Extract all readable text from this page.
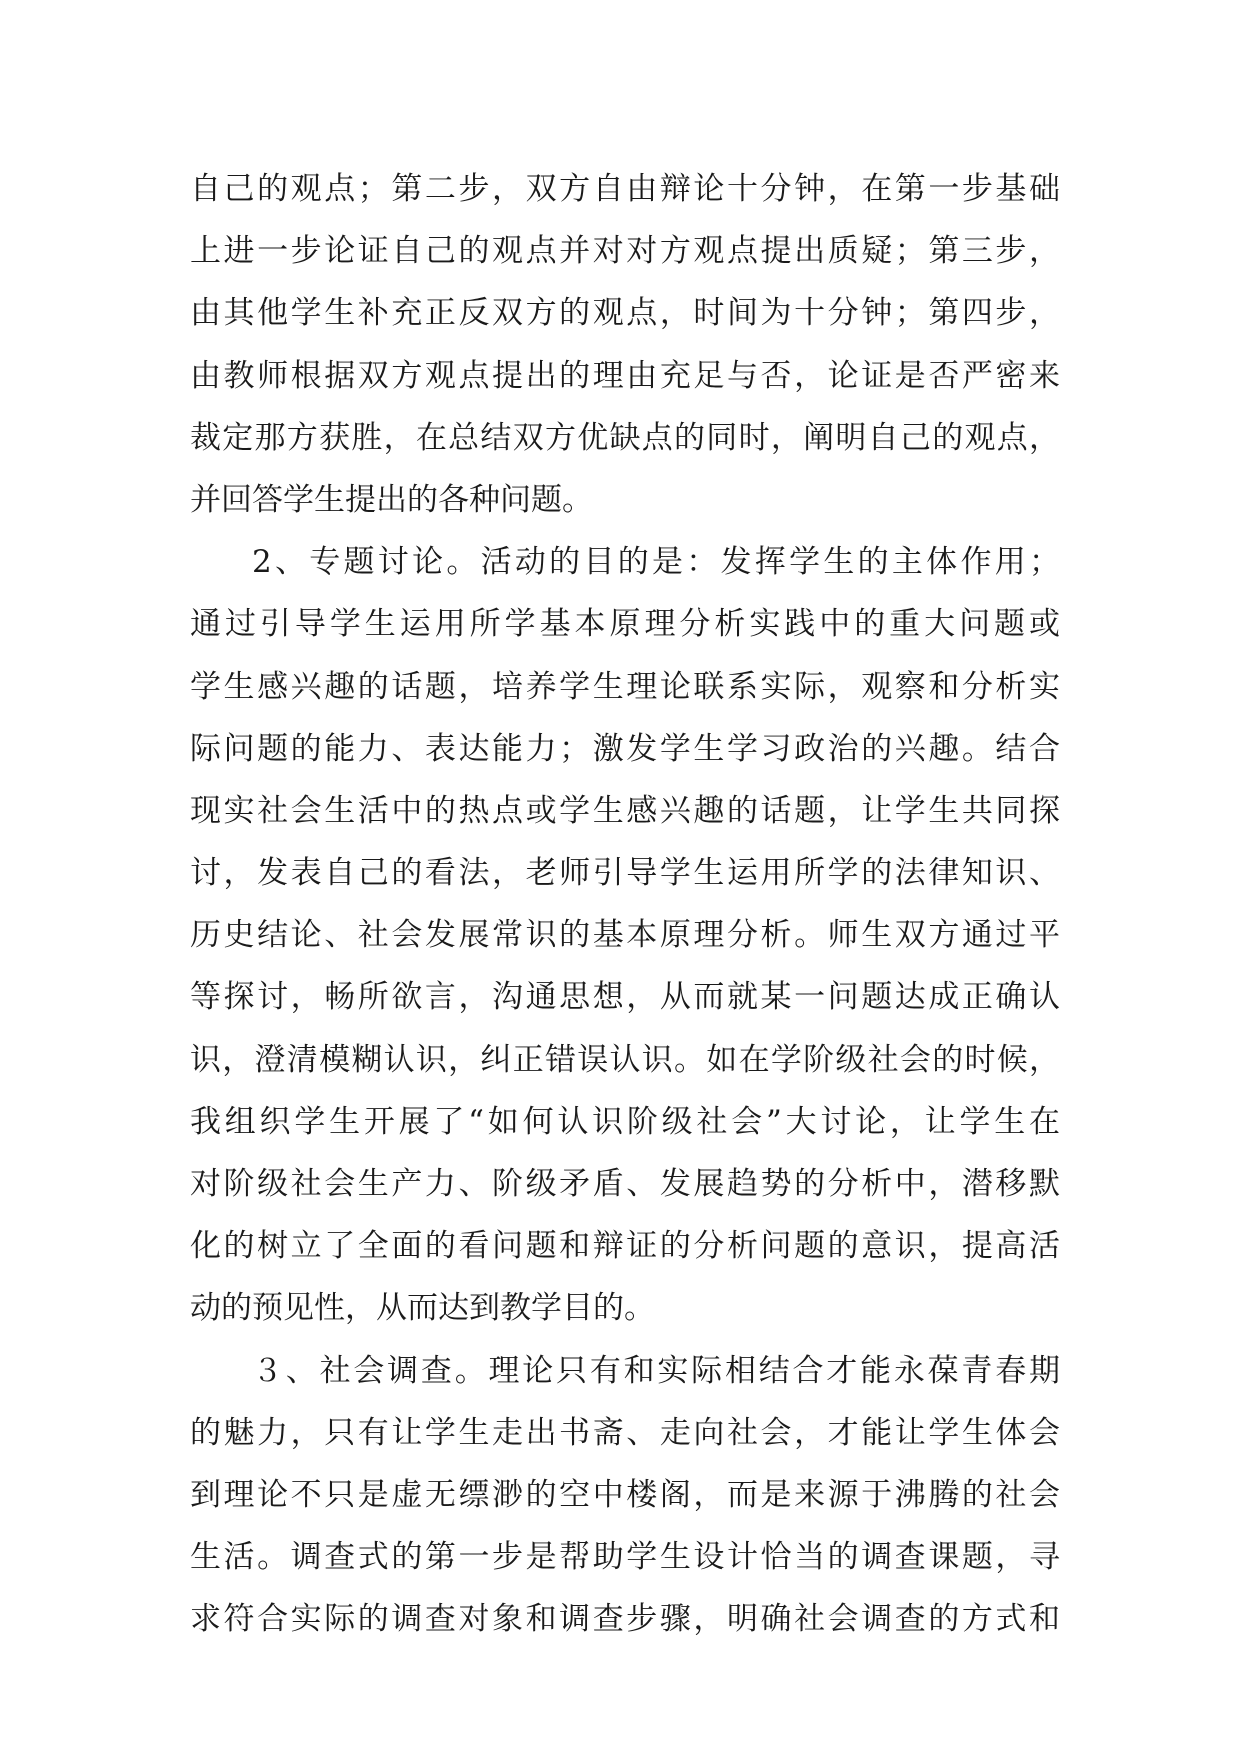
自己的观点；第二步，双方自由辩论十分钟，在第一步基础
上进一步论证自己的观点并对对方观点提出质疑；第三步，
由其他学生补充正反双方的观点，时间为十分钟；第四步，
由教师根据双方观点提出的理由充足与否，论证是否严密来
裁定那方获胜，在总结双方优缺点的同时，阐明自己的观点，
并回答学生提出的各种问题。
2、专题讨论。活动的目的是：发挥学生的主体作用；
通过引导学生运用所学基本原理分析实践中的重大问题或
学生感兴趣的话题，培养学生理论联系实际，观察和分析实
际问题的能力、表达能力；激发学生学习政治的兴趣。结合
现实社会生活中的热点或学生感兴趣的话题，让学生共同探
讨，发表自己的看法，老师引导学生运用所学的法律知识、
历史结论、社会发展常识的基本原理分析。师生双方通过平
等探讨，畅所欲言，沟通思想，从而就某一问题达成正确认
识，澄清模糊认识，纠正错误认识。如在学阶级社会的时候，
我组织学生开展了“如何认识阶级社会”大讨论，让学生在
对阶级社会生产力、阶级矛盾、发展趋势的分析中，潜移默
化的树立了全面的看问题和辩证的分析问题的意识，提高活
动的预见性，从而达到教学目的。
３、社会调查。理论只有和实际相结合才能永葆青春期
的魅力，只有让学生走出书斋、走向社会，才能让学生体会
到理论不只是虚无缥渺的空中楼阁，而是来源于沸腾的社会
生活。调查式的第一步是帮助学生设计恰当的调查课题，寻
求符合实际的调查对象和调查步骤，明确社会调查的方式和
